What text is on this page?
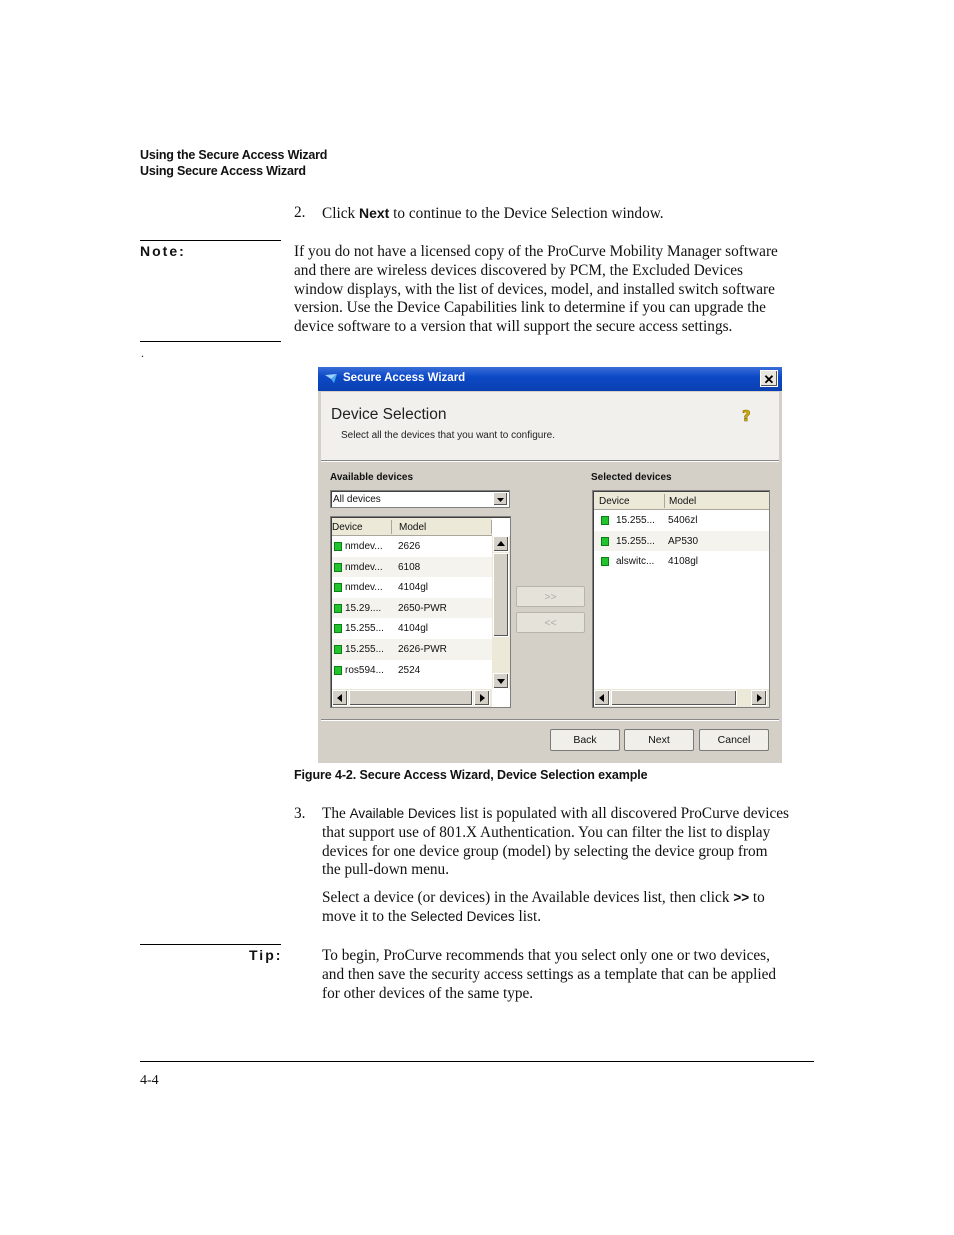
Using the Secure Access Wizard
Using Secure Access Wizard
2. Click Next to continue to the Device Selection window.
Note:	If you do not have a licensed copy of the ProCurve Mobility Manager software
and there are wireless devices discovered by PCM, the Excluded Devices
window displays, with the list of devices, model, and installed switch software
version. Use the Device Capabilities link to determine if you can upgrade the
device software to a version that will support the secure access settings.
.
Secure Access Wizard	✕
Device Selection
Select all the devices that you want to configure.
?
Available devices
All devices
Device	Model
nmdev... 2626
nmdev... 6108
nmdev... 4104gl
15.29.... 2650-PWR
15.255... 4104gl
15.255... 2626-PWR
ros594... 2524
>>
<<
Selected devices
Device	Model
15.255... 5406zl
15.255... AP530
alswitc... 4108gl
Back	Next	Cancel
Figure 4-2. Secure Access Wizard, Device Selection example
3. The Available Devices list is populated with all discovered ProCurve devices
that support use of 801.X Authentication. You can filter the list to display
devices for one device group (model) by selecting the device group from
the pull-down menu.
Select a device (or devices) in the Available devices list, then click >> to
move it to the Selected Devices list.
Tip:	To begin, ProCurve recommends that you select only one or two devices,
and then save the security access settings as a template that can be applied
for other devices of the same type.
4-4
